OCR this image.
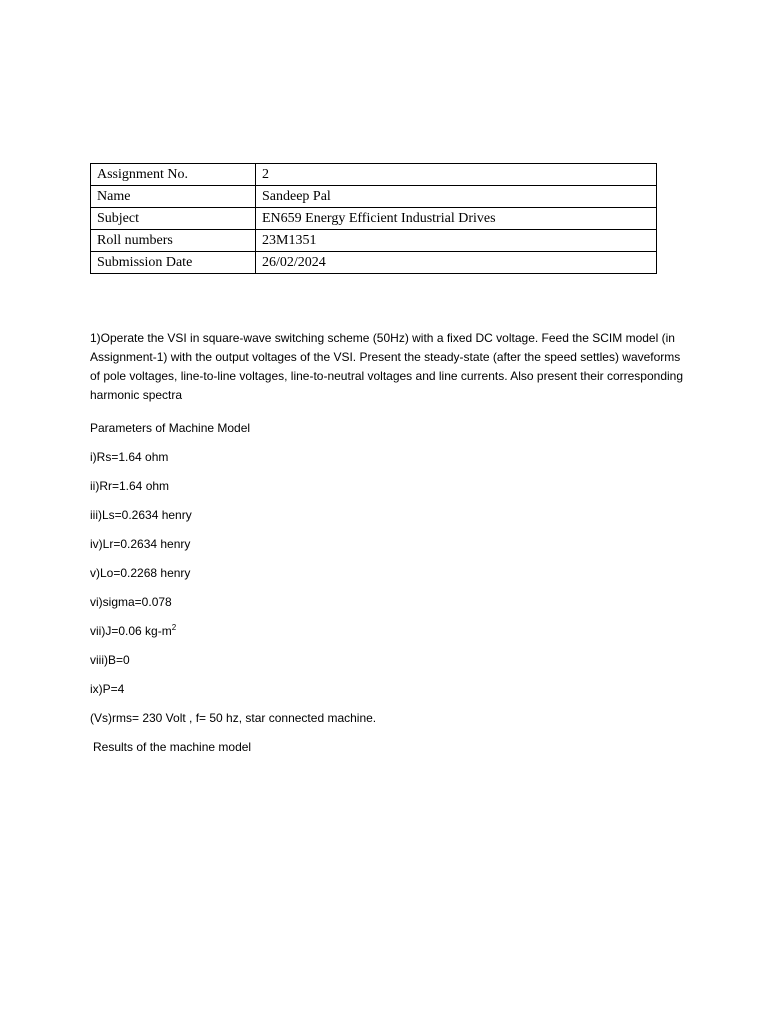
Assignment No.	2
Name	Sandeep Pal
Subject	EN659 Energy Efficient Industrial Drives
Roll numbers	23M1351
Submission Date	26/02/2024

1)Operate the VSI in square-wave switching scheme (50Hz) with a fixed DC voltage. Feed the SCIM model (in Assignment-1) with the output voltages of the VSI. Present the steady-state (after the speed settles) waveforms of pole voltages, line-to-line voltages, line-to-neutral voltages and line currents. Also present their corresponding harmonic spectra

Parameters of Machine Model

i)Rs=1.64 ohm

ii)Rr=1.64 ohm

iii)Ls=0.2634 henry

iv)Lr=0.2634 henry

v)Lo=0.2268 henry

vi)sigma=0.078

vii)J=0.06 $kg-m^2$

viii)B=0

ix)P=4

(Vs)rms= 230 Volt , f= 50 hz, star connected machine.

Results of the machine model
